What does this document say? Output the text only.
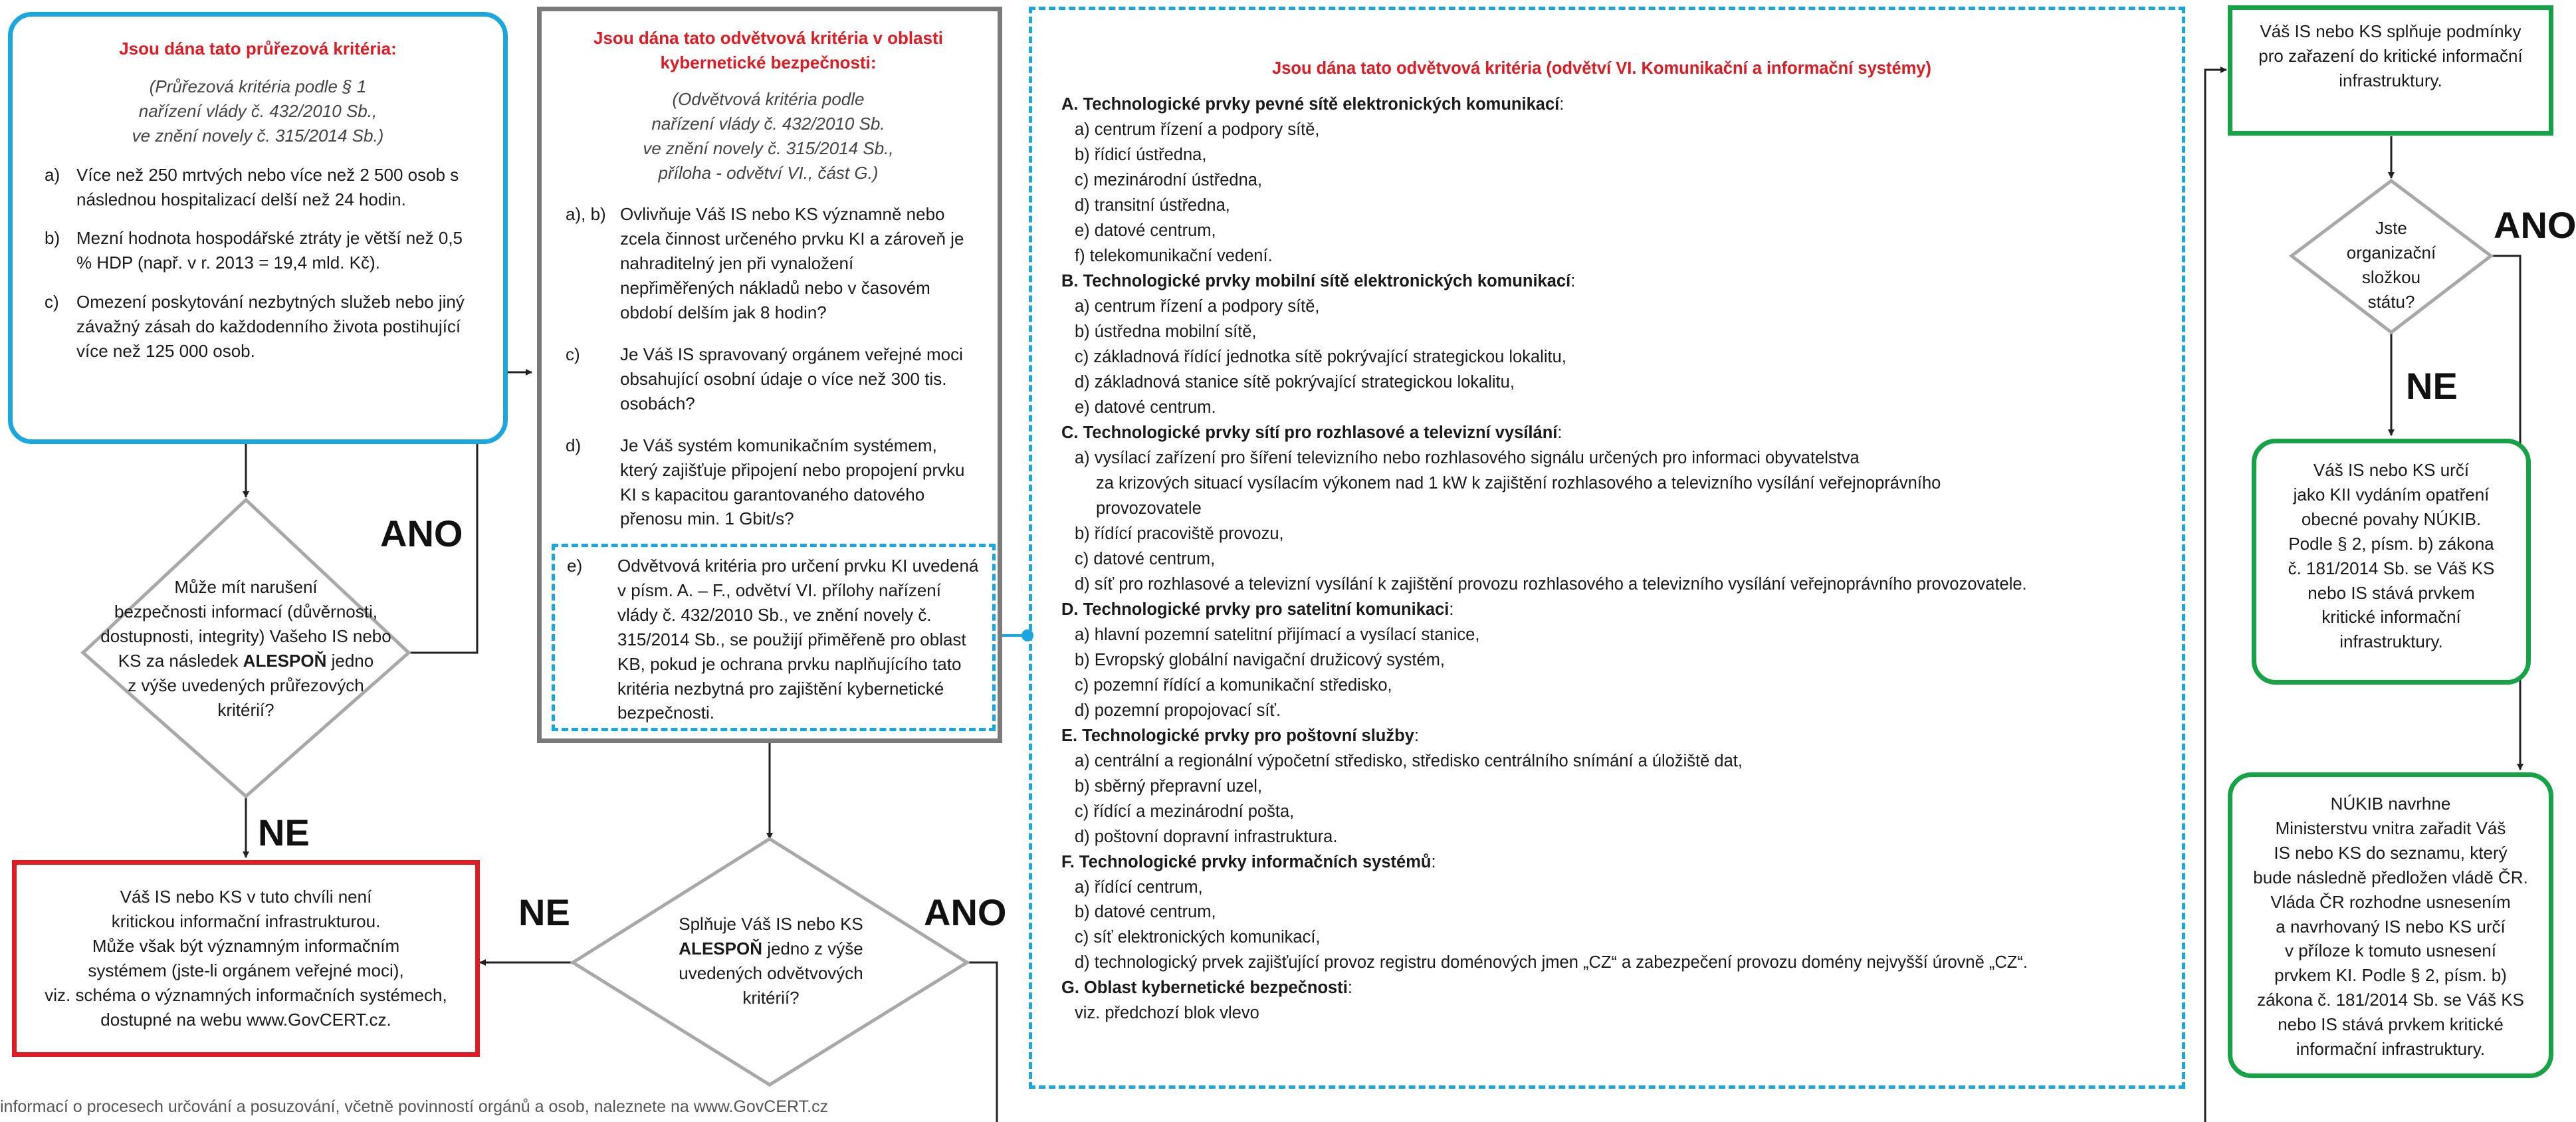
Jsou dána tato průřezová kritéria:
(Průřezová kritéria podle § 1
nařízení vlády č. 432/2010 Sb.,
ve znění novely č. 315/2014 Sb.)
a) Více než 250 mrtvých nebo více než 2 500 osob s následnou hospitalizací delší než 24 hodin.
b) Mezní hodnota hospodářské ztráty je větší než 0,5 % HDP (např. v r. 2013 = 19,4 mld. Kč).
c)	Omezení poskytování nezbytných služeb nebo jiný závažný zásah do každodenního života postihující více než 125 000 osob.
Může mít narušení
bezpečnosti informací (důvěrnosti,
dostupnosti, integrity) Vašeho IS nebo
KS za následek ALESPOŇ jedno
z výše uvedených průřezových
kritérií?
ANO
NE
NE	ANO
ANO
NE
Váš IS nebo KS v tuto chvíli není
kritickou informační infrastrukturou.
Může však být významným informačním
systémem (jste-li orgánem veřejné moci),
viz. schéma o významných informačních systémech,
dostupné na webu www.GovCERT.cz.
Jsou dána tato odvětvová kritéria v oblasti kybernetické bezpečnosti:
(Odvětvová kritéria podle
nařízení vlády č. 432/2010 Sb.
ve znění novely č. 315/2014 Sb.,
příloha - odvětví VI., část G.)
a), b) Ovlivňuje Váš IS nebo KS významně nebo zcela činnost určeného prvku KI a zároveň je nahraditelný jen při vynaložení nepřiměřených nákladů nebo v časovém období delším jak 8 hodin?
c)	Je Váš IS spravovaný orgánem veřejné moci obsahující osobní údaje o více než 300 tis. osobách?
d)	Je Váš systém komunikačním systémem, který zajišťuje připojení nebo propojení prvku KI s kapacitou garantovaného datového přenosu min. 1 Gbit/s?
e)	Odvětvová kritéria pro určení prvku KI uvedená v písm. A. – F., odvětví VI. přílohy nařízení vlády č. 432/2010 Sb., ve znění novely č. 315/2014 Sb., se použijí přiměřeně pro oblast KB, pokud je ochrana prvku naplňujícího tato kritéria nezbytná pro zajištění kybernetické bezpečnosti.
Splňuje Váš IS nebo KS
ALESPOŇ jedno z výše
uvedených odvětvových
kritérií?
Jsou dána tato odvětvová kritéria (odvětví VI. Komunikační a informační systémy)
A. Technologické prvky pevné sítě elektronických komunikací:
a) centrum řízení a podpory sítě,
b) řídicí ústředna,
c) mezinárodní ústředna,
d) transitní ústředna,
e) datové centrum,
f) telekomunikační vedení.
B. Technologické prvky mobilní sítě elektronických komunikací:
a) centrum řízení a podpory sítě,
b) ústředna mobilní sítě,
c) základnová řídící jednotka sítě pokrývající strategickou lokalitu,
d) základnová stanice sítě pokrývající strategickou lokalitu,
e) datové centrum.
C. Technologické prvky sítí pro rozhlasové a televizní vysílání:
a) vysílací zařízení pro šíření televizního nebo rozhlasového signálu určených pro informaci obyvatelstva
za krizových situací vysílacím výkonem nad 1 kW k zajištění rozhlasového a televizního vysílání veřejnoprávního
provozovatele
b) řídící pracoviště provozu,
c) datové centrum,
d) síť pro rozhlasové a televizní vysílání k zajištění provozu rozhlasového a televizního vysílání veřejnoprávního provozovatele.
D. Technologické prvky pro satelitní komunikaci:
a) hlavní pozemní satelitní přijímací a vysílací stanice,
b) Evropský globální navigační družicový systém,
c) pozemní řídící a komunikační středisko,
d) pozemní propojovací síť.
E. Technologické prvky pro poštovní služby:
a) centrální a regionální výpočetní středisko, středisko centrálního snímání a úložiště dat,
b) sběrný přepravní uzel,
c) řídící a mezinárodní pošta,
d) poštovní dopravní infrastruktura.
F. Technologické prvky informačních systémů:
a) řídící centrum,
b) datové centrum,
c) síť elektronických komunikací,
d) technologický prvek zajišťující provoz registru doménových jmen „CZ“ a zabezpečení provozu domény nejvyšší úrovně „CZ“.
G. Oblast kybernetické bezpečnosti:
viz. předchozí blok vlevo
Váš IS nebo KS splňuje podmínky
pro zařazení do kritické informační
infrastruktury.
Jste
organizační
složkou
státu?
Váš IS nebo KS určí
jako KII vydáním opatření
obecné povahy NÚKIB.
Podle § 2, písm. b) zákona
č. 181/2014 Sb. se Váš KS
nebo IS stává prvkem
kritické informační
infrastruktury.
NÚKIB navrhne
Ministerstvu vnitra zařadit Váš
IS nebo KS do seznamu, který
bude následně předložen vládě ČR.
Vláda ČR rozhodne usnesením
a navrhovaný IS nebo KS určí
v příloze k tomuto usnesení
prvkem KI. Podle § 2, písm. b)
zákona č. 181/2014 Sb. se Váš KS
nebo IS stává prvkem kritické
informační infrastruktury.
informací o procesech určování a posuzování, včetně povinností orgánů a osob, naleznete na www.GovCERT.cz
